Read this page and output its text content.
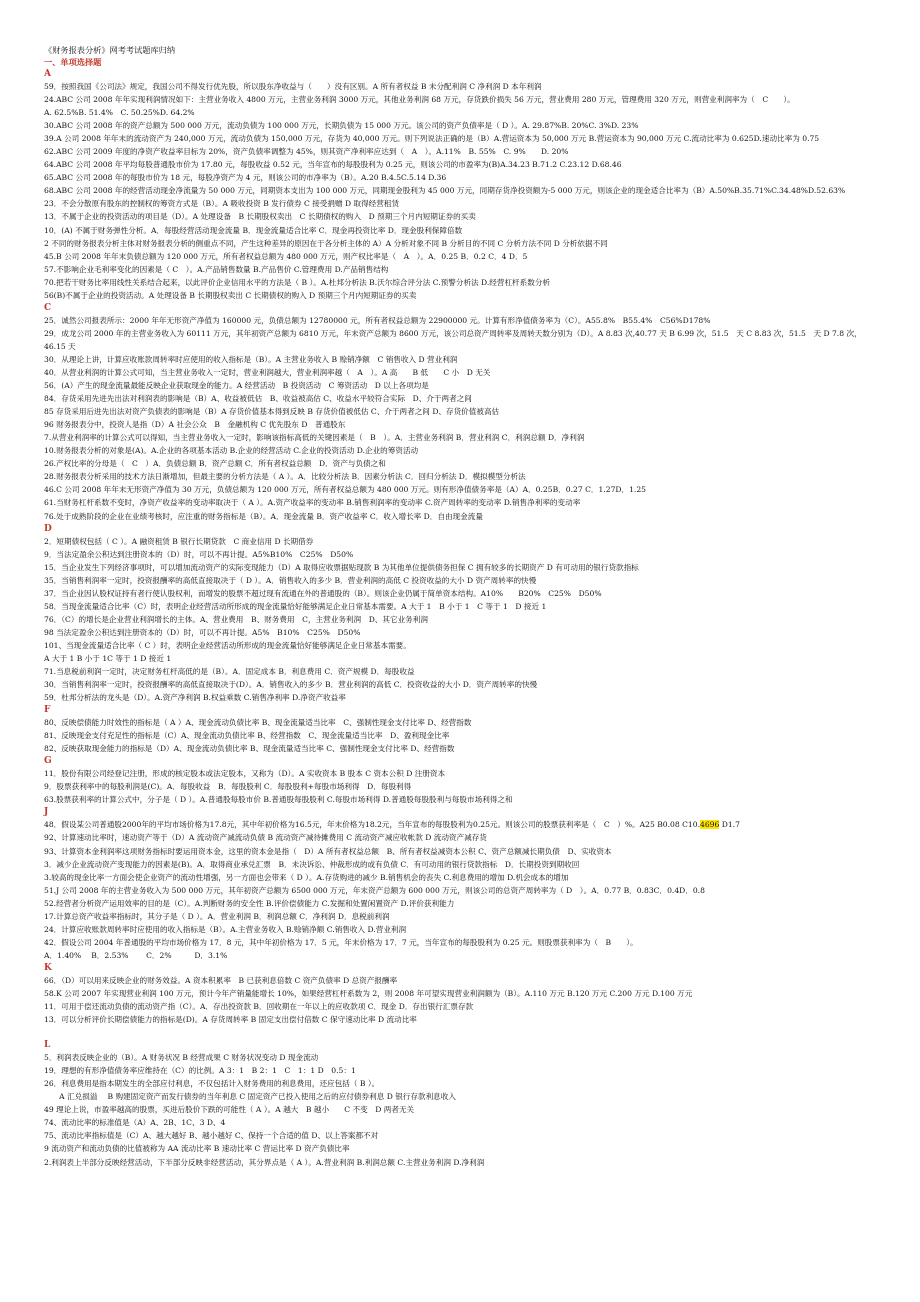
《财务报表分析》网考考试题库归纳
一、单项选择题
A
59．按照我国《公司法》规定，我国公司不得发行优先股，所以股东净收益与（　　）没有区别。A 所有者权益 B 未分配利润 C 净利润 D 本年利润
24.ABC 公司 2008 年年实现利润情况如下：主营业务收入 4800 万元，主营业务利润 3000 万元，其他业务利润 68 万元，存货跌价损失 56 万元，营业费用 280 万元，管理费用 320 万元，则营业利润率为（　C　　）。
A. 62.5%B. 51.4%　C. 50.25%D. 64.2%
30.ABC 公司 2008 年的资产总额为 500 000 万元，流动负债为 100 000 万元，长期负债为 15 000 万元。该公司的资产负债率是（ D ）。A. 29.87%B. 20%C. 3%D. 23%
39.A 公司 2008 年年末的流动资产为 240,000 万元，流动负债为 150,000 万元，存货为 40,000 万元。则下列说法正确的是（B）A.营运资本为 50,000 万元 B.营运资本为 90,000 万元 C.流动比率为 0.625D.速动比率为 0.75
62.ABC 公司 2009 年度的净资产收益率目标为 20%，资产负债率调整为 45%，则其资产净利率应达到（　A　）。A.11%　B. 55%　C. 9%　　D. 20%
64.ABC 公司 2008 年平均每股普通股市价为 17.80 元，每股收益 0.52 元，当年宣布的每股股利为 0.25 元，则该公司的市盈率为(B)A.34.23 B.71.2 C.23.12 D.68.46
65.ABC 公司 2008 年的每股市价为 18 元，每股净资产为 4 元，则该公司的市净率为（B）。A.20 B.4.5C.5.14 D.36
68.ABC 公司 2008 年的经营活动现金净流量为 50 000 万元，同期资本支出为 100 000 万元，同期现金股利为 45 000 万元，同期存货净投资额为-5 000 万元，则该企业的现金适合比率为（B）A.50%B.35.71%C.34.48%D.52.63%
23．不会分散原有股东的控制权的筹资方式是（B）。A 吸收投资 B 发行债券 C 接受捐赠 D 取得经营租赁
13．不属于企业的投资活动的项目是（D）。A 处理设备　B 长期股权卖出　C 长期债权的购入　D 预期三个月内短期证券的买卖
10．(A) 不属于财务弹性分析。A．每股经营活动现金流量 B．现金流量适合比率 C．现金再投资比率 D．现金股利保障倍数
2 不同的财务报表分析主体对财务报表分析的侧重点不同，产生这种差异的原因在于各分析主体的 A）A 分析对象不同 B 分析目的不同 C 分析方法不同 D 分析依据不同
45.B 公司 2008 年年末负债总额为 120 000 万元，所有者权益总额为 480 000 万元，则产权比率是（　A　）。A．0.25 B．0.2 C．4 D．5
57.不影响企业毛利率变化的因素是（ C　）。A.产品销售数量 B.产品售价 C.管理费用 D.产品销售结构
70.把若干财务比率用线性关系结合起来，以此评价企业信用水平的方法是（ B ）。A.杜邦分析法 B.沃尔综合评分法 C.预警分析法 D.经营杠杆系数分析
56(B)不属于企业的投资活动。A 处理设备 B 长期股权卖出 C 长期债权的购入 D 预期三个月内短期证券的买卖
C
25．诚然公司报表所示：2000 年年无形资产净值为 160000 元，负债总额为 12780000 元，所有者权益总额为 22900000 元。计算有形净值债务率为（C）。A55.8%　B55.4%　C56%D178%
29．成龙公司 2000 年的主营业务收入为 60111 万元，其年初资产总额为 6810 万元，年末资产总额为 8600 万元，该公司总资产周转率及周转天数分别为（D）。A 8.83 次,40.77 天 B 6.99 次，51.5　天 C 8.83 次，51.5　天 D 7.8 次，
46.15 天
30．从理论上讲，计算应收账款周转率时应使用的收入指标是（B）。A 主营业务收入 B 赊销净额　C 销售收入 D 营业利润
40．从营业利润的计算公式可知，当主营业务收入一定时，营业利润越大，营业利润率越（　A　）。A 高　　B 低　　C 小　D 无关
56．(A）产生的现金流量最能反映企业获取现金的能力。A 经营活动　B 投资活动　C 筹资活动　D 以上各项均是
84．存货采用先进先出法对利润表的影响是（B）A、收益被低估　B、收益被高估 C、收益水平较符合实际　D、介于两者之间
85 存货采用后进先出法对资产负债表的影响是（B）A 存货价值基本得到反映 B 存货价值被低估 C、介于两者之间 D、存货价值被高估
96 财务报表分中，投资人是指（D）A 社会公众　B　金融机构 C 优先股东 D　普通股东
7.从营业利润率的计算公式可以得知，当主营业务收入一定时，影响该指标高低的关键因素是（　B　）。A．主营业务利润 B．营业利润 C．利润总额 D．净利润
10.财务报表分析的对象是(A)。A.企业的各项基本活动 B.企业的经营活动 C.企业的投资活动 D.企业的筹资活动
26.产权比率的分母是（　C　）A．负债总额 B．资产总额 C．所有者权益总额　D．资产与负债之和
28.财务报表分析采用的技术方法日渐增加，但最主要的分析方法是（ A ）。A．比较分析法 B．因素分析法 C．回归分析法 D．模拟模型分析法
46.C 公司 2008 年年末无形资产净值为 30 万元，负债总额为 120 000 万元，所有者权益总额为 480 000 万元。则有形净值债务率是（A）A．0.25B．0.27 C．1.27D．1.25
61.当财务杠杆系数不变时，净资产收益率的变动率取决于（ A ）。A.资产收益率的变动率 B.销售利润率的变动率 C.资产周转率的变动率 D.销售净利率的变动率
76.处于成熟阶段的企业在业绩考核时，应注重的财务指标是（B）。A．现金流量 B．资产收益率 C．收入增长率 D．自由现金流量
D
2．短期债权包括（ C ）。A 融资租赁 B 银行长期贷款　C 商业信用 D 长期借券
9．当法定盈余公积达到注册资本的（D）时，可以不再计提。A5%B10%　C25%　D50%
15．当企业发生下列经济事项时，可以增加流动资产的实际变现能力（D）A 取得应收票据贴现款 B 为其他单位提供债务担保 C 拥有较多的长期资产 D 有可动用的银行贷款指标
35．当销售利润率一定时，投资报酬率的高低直接取决于（ D ）。A．销售收入的多少 B．营业利润的高低 C 投资收益的大小 D 资产周转率的快慢
37．当企业因认股权证持有者行使认股权利，而增发的股票不超过现有流通在外的普通股的（B）。则该企业仍属于简单资本结构。A10%　　B20%　C25%　D50%
58．当现金流量适合比率（C）时，表明企业经营活动所形成的现金流量恰好能够满足企业日常基本需要。A 大于 1　B 小于 1　C 等于 1　D 接近 1
76．（C）的增长是企业营业利润增长的主体。A、营业费用　B、财务费用　C，主营业务利润　D、其它业务利润
98 当法定盈余公积达到注册资本的（D）时，可以不再计提。A5%　B10%　C25%　D50%
101、当现金流量适合比率（ C ）时，表明企业经营活动所形成的现金流量恰好能够满足企业日常基本需要。
A 大于 1 B 小于 1C 等于 1 D 接近 1
71.当息税前利润一定时，决定财务杠杆高低的是（B）。A．固定成本 B．利息费用 C．资产规模 D．每股收益
30．当销售利润率一定时，投资报酬率的高低直接取决于(D）。A．销售收入的多少 B．营业利润的高低 C．投资收益的大小 D．资产周转率的快慢
59．杜邦分析法的龙头是（D）。A.资产净利润 B.权益乘数 C.销售净利率 D.净资产收益率
F
80、反映偿债能力时效性的指标是（ A ）A、现金流动负债比率 B、现金流量适当比率　C、强制性现金支付比率 D、经营指数
81、反映现金支付充足性的指标是（C）A、现金流动负债比率 B、经营指数　C、现金流量适当比率　D、盈利现金比率
82、反映获取现金能力的指标是（D）A、现金流动负债比率 B、现金流量适当比率 C、强制性现金支付比率 D、经营指数
G
11．股份有限公司经登记注册，形成的核定股本或法定股本，又称为（D）。A 实收资本 B 股本 C 资本公积 D 注册资本
9．股票获利率中的每股利润是(C)。A．每股收益　B．每股股利 C．每股股利+每股市场利得　D．每股利得
63.股票获利率的计算公式中，分子是（ D ）。A.普通股每股市价 B.普通股每股股利 C.每股市场利得 D.普通股每股股利与每股市场利得之和
J
48．假设某公司普通股2000年的平均市场价格为17.8元，其中年初价格为16.5元，年末价格为18.2元，当年宣布的每股股利为0.25元。则该公司的股票获利率是（　C　）%。A25 B0.08 C10.4696 D1.7
92、计算速动比率时，速动资产等于（D）A 流动资产减流动负债 B 流动资产减待摊费用 C 流动资产减应收帐款 D 流动资产减存货
93、计算资本金利润率这项财务指标时要运用资本金，这里的资本金是指（　D）A 所有者权益总额　B、所有者权益减资本公积 C、资产总额减长期负债　D、实收资本
3．减少企业流动资产变现能力的因素是(B)。A．取得商业承兑汇票　B．未决诉讼、仲裁形成的或有负债 C．有可动用的银行贷款指标　D．长期投资到期收回
3.较高的现金比率一方面会使企业资产的流动性增强，另一方面也会带来（ D ）。A.存货购进的减少 B.销售机会的丧失 C.利息费用的增加 D.机会成本的增加
51.J 公司 2008 年的主营业务收入为 500 000 万元，其年初资产总额为 6500 000 万元，年末资产总额为 600 000 万元，则该公司的总资产周转率为（ D　）。A．0.77 B．0.83C．0.4D．0.8
52.经营者分析资产运用效率的目的是（C）。A.判断财务的安全性 B.评价偿债能力 C.发掘和处置闲置资产 D.评价获利能力
17.计算总资产收益率指标时，其分子是（ D ）。A．营业利润 B．利润总额 C．净利润 D．息税前利润
24．计算应收账款周转率时应使用的收入指标是（B）。A.主营业务收入 B.赊销净额 C.销售收入 D.营业利润
42．假设公司 2004 年普通股的平均市场价格为 17．8 元，其中年初价格为 17．5 元，年末价格为 17．7 元，当年宣布的每股股利为 0.25 元。则股票获利率为（　B　　）。
A．1.40%　 B．2.53%　　 C．2%　　　D．3.1%
K
66．（D）可以用来反映企业的财务效益。A 资本积累率　B 已获利息倍数 C 资产负债率 D 总资产报酬率
58.K 公司 2007 年实现营业利润 100 万元，预计今年产销量能增长 10%，如果经营杠杆系数为 2，则 2008 年可望实现营业利润额为（B）。A.110 万元 B.120 万元 C.200 万元 D.100 万元
11．可用于偿还流动负债的流动资产指（C）。A．存出投资款 B．回收期在一年以上的应收款项 C．现金 D．存出银行汇票存款
13．可以分析评价长期偿债能力的指标是(D)。A 存货周转率 B 固定支出偿付倍数 C 保守速动比率 D 流动比率
L
5．利润表反映企业的（B）。A 财务状况 B 经营成果 C 财务状况变动 D 现金流动
19．理想的有形净值债务率应维持在（C）的比例。A 3：1　B 2：1　C　1：1 D　0.5：1
26．利息费用是指本期发生的全部应付利息，不仅包括计入财务费用的利息费用，还应包括（ B ）。
　　A 汇兑损溢　 B 购建固定资产而发行债券的当年利息 C 固定资产已投入使用之后的应付债券利息 D 银行存款利息收入
49 理论上说，市盈率越高的股票，买进后股价下跌的可能性（ A ）。A 越大　B 越小　　C 不变　D 两者无关
74、流动比率的标准值是（A）A、2B、1C、3 D、4
75、流动比率指标值是（C）A、越大越好 B、越小越好 C、保持一个合适的值 D、以上答案都不对
9 流动资产和流动负债的比值被称为 AA 流动比率 B 速动比率 C 营运比率 D 资产负债比率
2.利润表上半部分反映经营活动，下半部分反映非经营活动，其分界点是（ A ）。A.营业利润 B.利润总额 C.主营业务利润 D.净利润
